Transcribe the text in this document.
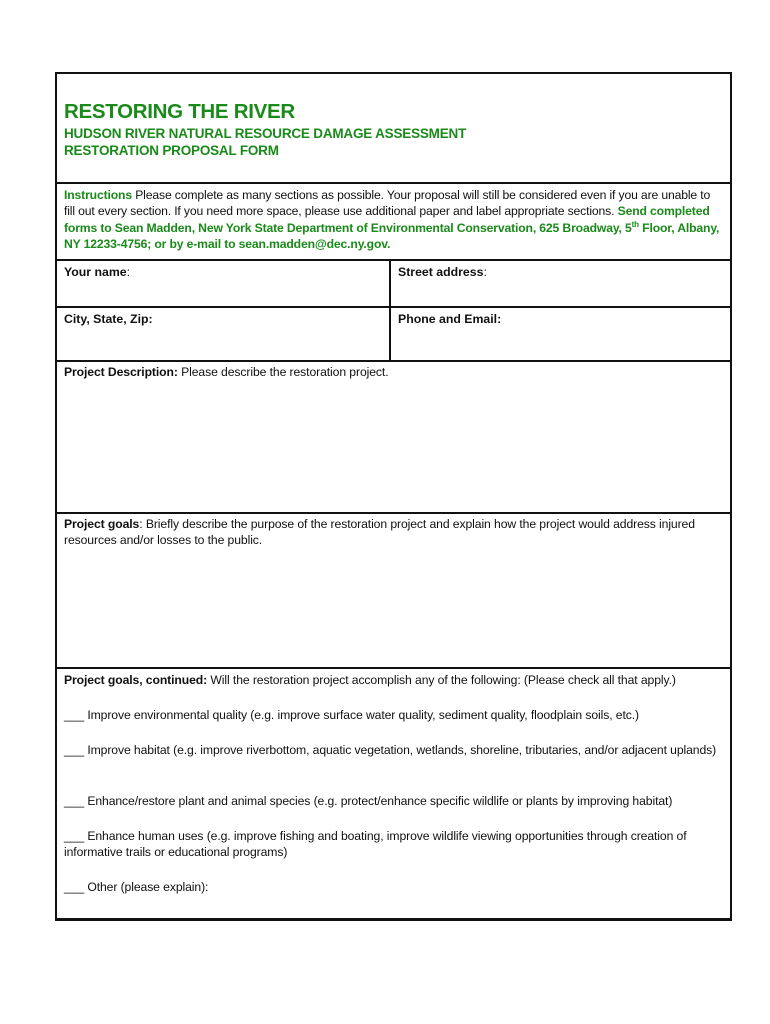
RESTORING THE RIVER
HUDSON RIVER NATURAL RESOURCE DAMAGE ASSESSMENT
RESTORATION PROPOSAL FORM
Instructions Please complete as many sections as possible. Your proposal will still be considered even if you are unable to fill out every section. If you need more space, please use additional paper and label appropriate sections. Send completed forms to Sean Madden, New York State Department of Environmental Conservation, 625 Broadway, 5th Floor, Albany, NY 12233-4756; or by e-mail to sean.madden@dec.ny.gov.
Your name:	Street address:
City, State, Zip:	Phone and Email:
Project Description: Please describe the restoration project.
Project goals: Briefly describe the purpose of the restoration project and explain how the project would address injured resources and/or losses to the public.
Project goals, continued: Will the restoration project accomplish any of the following: (Please check all that apply.)
___ Improve environmental quality (e.g. improve surface water quality, sediment quality, floodplain soils, etc.)
___ Improve habitat (e.g. improve riverbottom, aquatic vegetation, wetlands, shoreline, tributaries, and/or adjacent uplands)
___ Enhance/restore plant and animal species (e.g. protect/enhance specific wildlife or plants by improving habitat)
___ Enhance human uses (e.g. improve fishing and boating, improve wildlife viewing opportunities through creation of informative trails or educational programs)
___ Other (please explain):
